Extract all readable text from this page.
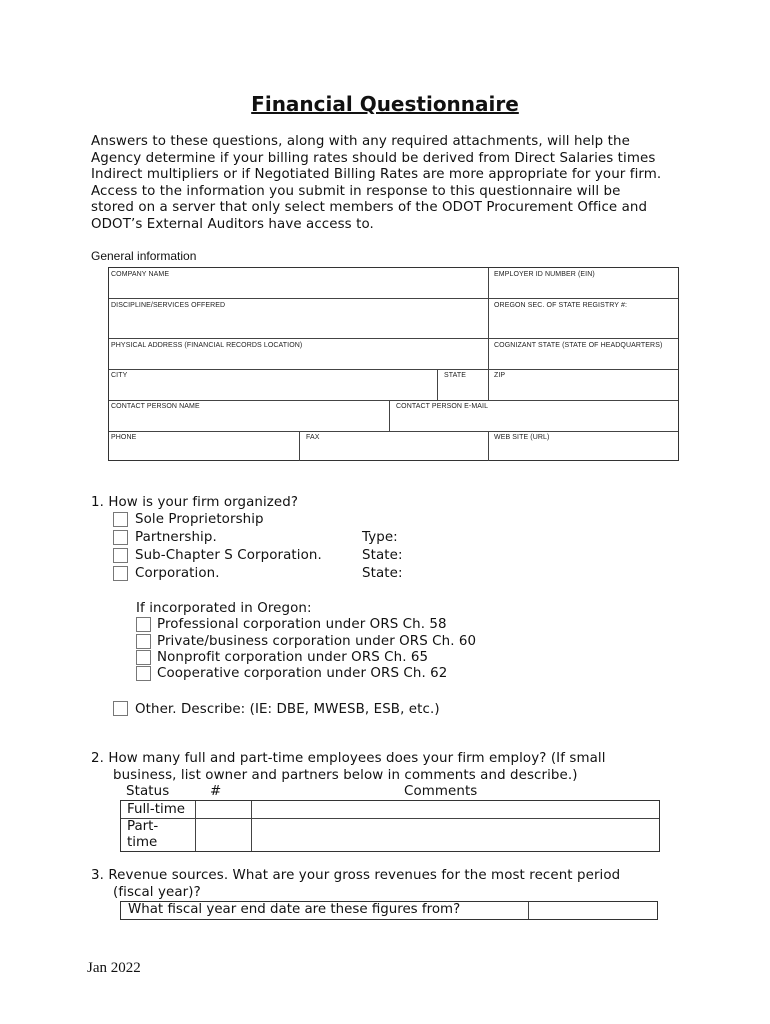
Financial Questionnaire
Answers to these questions, along with any required attachments, will help the
Agency determine if your billing rates should be derived from Direct Salaries times
Indirect multipliers or if Negotiated Billing Rates are more appropriate for your firm.
Access to the information you submit in response to this questionnaire will be
stored on a server that only select members of the ODOT Procurement Office and
ODOT’s External Auditors have access to.
General information
COMPANY NAME	EMPLOYER ID NUMBER (EIN)
DISCIPLINE/SERVICES OFFERED	OREGON SEC. OF STATE REGISTRY #:
PHYSICAL ADDRESS (FINANCIAL RECORDS LOCATION)	COGNIZANT STATE (STATE OF HEADQUARTERS)
CITY	STATE	ZIP
CONTACT PERSON NAME	CONTACT PERSON E-MAIL
PHONE	FAX	WEB SITE (URL)
1. How is your firm organized?
Sole Proprietorship
Partnership.	Type:
Sub-Chapter S Corporation.	State:
Corporation.	State:
If incorporated in Oregon:
Professional corporation under ORS Ch. 58
Private/business corporation under ORS Ch. 60
Nonprofit corporation under ORS Ch. 65
Cooperative corporation under ORS Ch. 62
Other. Describe: (IE: DBE, MWESB, ESB, etc.)
2. How many full and part-time employees does your firm employ? (If small
business, list owner and partners below in comments and describe.)
Status	#	Comments
Full-time
Part-
time
3. Revenue sources. What are your gross revenues for the most recent period
(fiscal year)?
What fiscal year end date are these figures from?
Jan 2022
